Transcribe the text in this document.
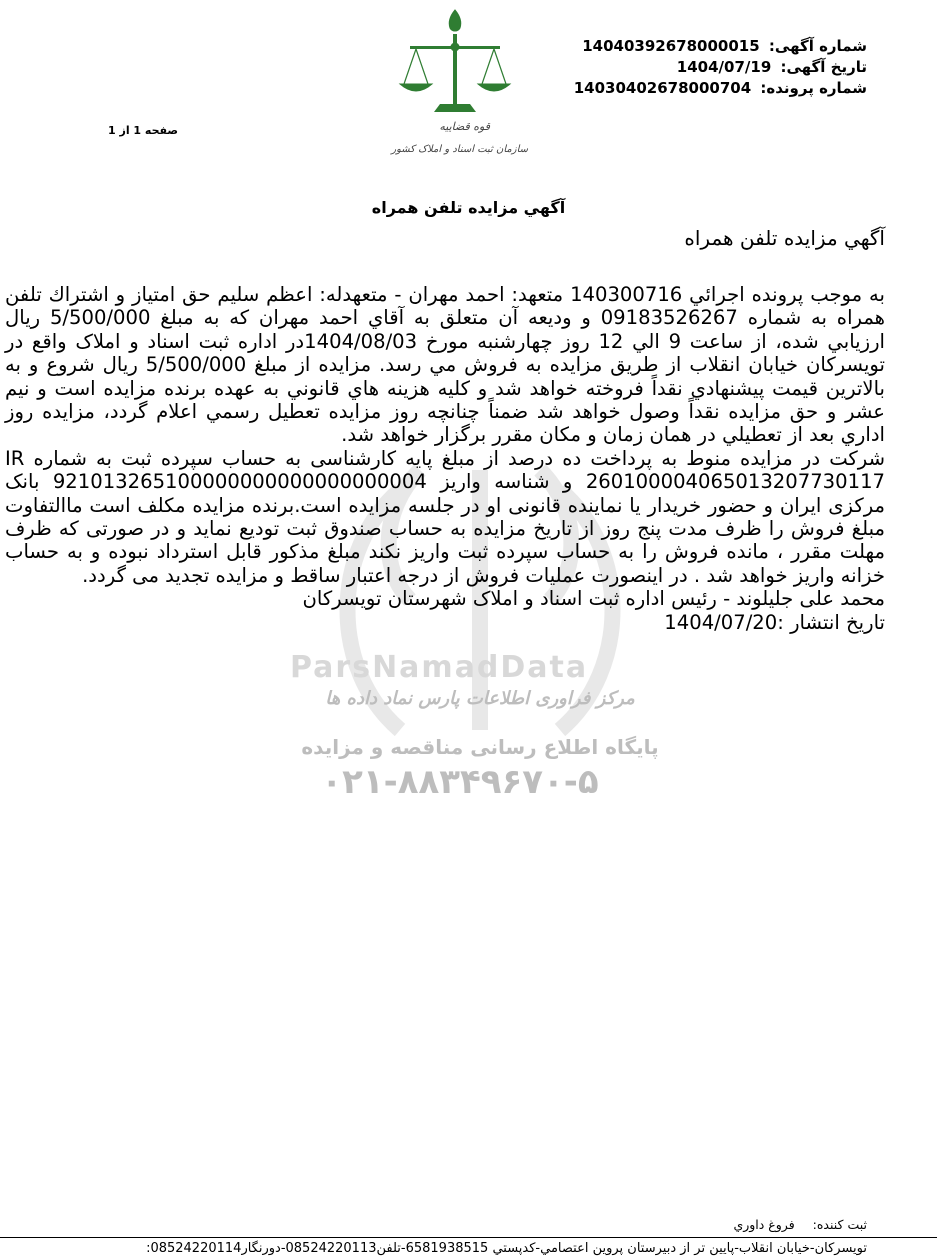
شماره آگهی: 14040392678000015
تاریخ آگهی: 1404/07/19
شماره پرونده: 14030402678000704
قوه قضاییه
سازمان ثبت اسناد و املاک کشور
صفحه 1 از 1
ParsNamadData
پایگاه اطلاع رسانی مناقصه و مزایده
۰۲۱-۸۸۳۴۹۶۷۰-۵
مرکز فراوری اطلاعات پارس نماد داده ها
آگهي مزايده تلفن همراه
آگهي مزايده تلفن همراه

به موجب پرونده اجرائي 140300716 متعهد: احمد مهران - متعهدله: اعظم سليم حق امتياز و اشتراك تلفن همراه به شماره 09183526267 و وديعه آن متعلق به آقاي احمد مهران كه به مبلغ 5/500/000 ريال ارزيابي شده، از ساعت 9 الي 12 روز چهارشنبه مورخ 1404/08/03در اداره ثبت اسناد و املاک واقع در تويسركان خيابان انقلاب از طريق مزايده به فروش مي رسد. مزايده از مبلغ 5/500/000 ريال شروع و به بالاترين قيمت پيشنهادي نقداً فروخته خواهد شد و كليه هزينه هاي قانوني به عهده برنده مزايده است و نيم عشر و حق مزايده نقداً وصول خواهد شد ضمناً چنانچه روز مزايده تعطيل رسمي اعلام گردد، مزايده روز اداري بعد از تعطيلي در همان زمان و مكان مقرر برگزار خواهد شد.

شرکت در مزایده منوط به پرداخت ده درصد از مبلغ پایه کارشناسی به حساب سپرده ثبت به شماره IR 260100004065013207730117 و شناسه واریز 921013265100000000000000000004 بانک مرکزی ایران و حضور خریدار یا نماینده قانونی او در جلسه مزایده است.برنده مزایده مکلف است ماالتفاوت مبلغ فروش را ظرف مدت پنج روز از تاریخ مزایده به حساب صندوق ثبت تودیع نماید و در صورتی که ظرف مهلت مقرر ، مانده فروش را به حساب سپرده ثبت واریز نکند مبلغ مذکور قابل استرداد نبوده و به حساب خزانه واریز خواهد شد . در اینصورت عملیات فروش از درجه اعتبار ساقط و مزایده تجدید می گردد.

محمد علی جلیلوند - رئیس اداره ثبت اسناد و املاک شهرستان تویسرکان

تاریخ انتشار :1404/07/20

ثبت كننده: فروغ داوري
تويسركان-خيابان انقلاب-پايين تر از دبيرستان پروين اعتصامي-كدپستي 6581938515-تلفن08524220113-دورنگار08524220114:
